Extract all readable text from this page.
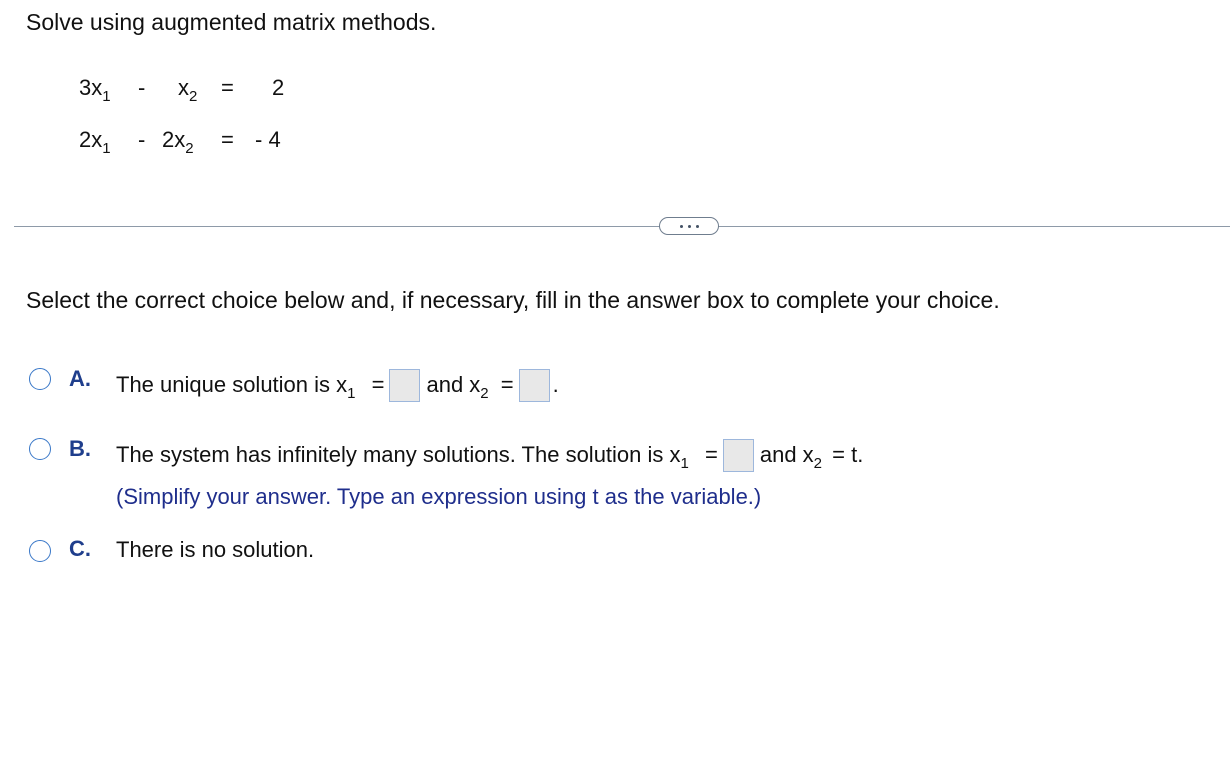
Solve using augmented matrix methods.
$3x_1 - x_2 = 2$
$2x_1 - 2x_2$ = - 4
Select the correct choice below and, if necessary, fill in the answer box to complete your choice.
A. The unique solution is $x_1$ = and $x_2$ = .
B. The system has infinitely many solutions. The solution is $x_1$ = and $x_2 = t$.
(Simplify your answer. Type an expression using t as the variable.)
C. There is no solution.
